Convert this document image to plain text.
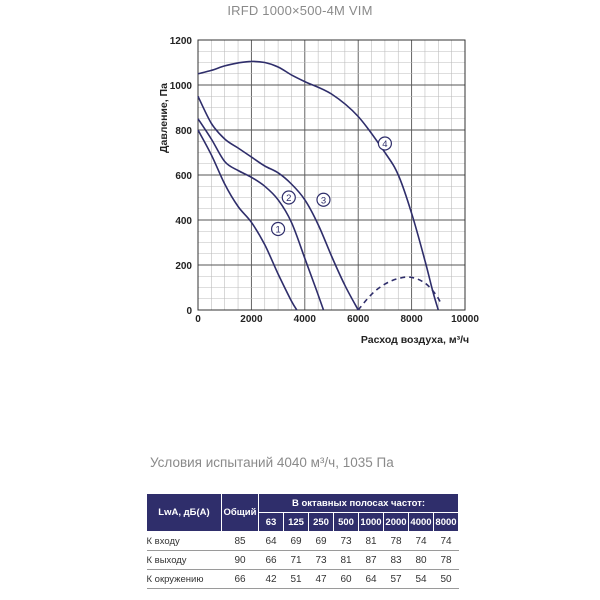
IRFD 1000×500-4M VIM
1
2	3
4
0	2000	4000	6000	8000	10000
0
200
400
600
800
1000
1200
Давление, Па
Расход воздуха, м³/ч
Условия испытаний 4040 м³/ч, 1035 Па
LwA, дБ(А)	Общий	В октавных полосах частот:							
		63	125	250	500	1000	2000	4000	8000
К входу	85	64	69	69	73	81	78	74	74
К выходу	90	66	71	73	81	87	83	80	78
К окружению	66	42	51	47	60	64	57	54	50
